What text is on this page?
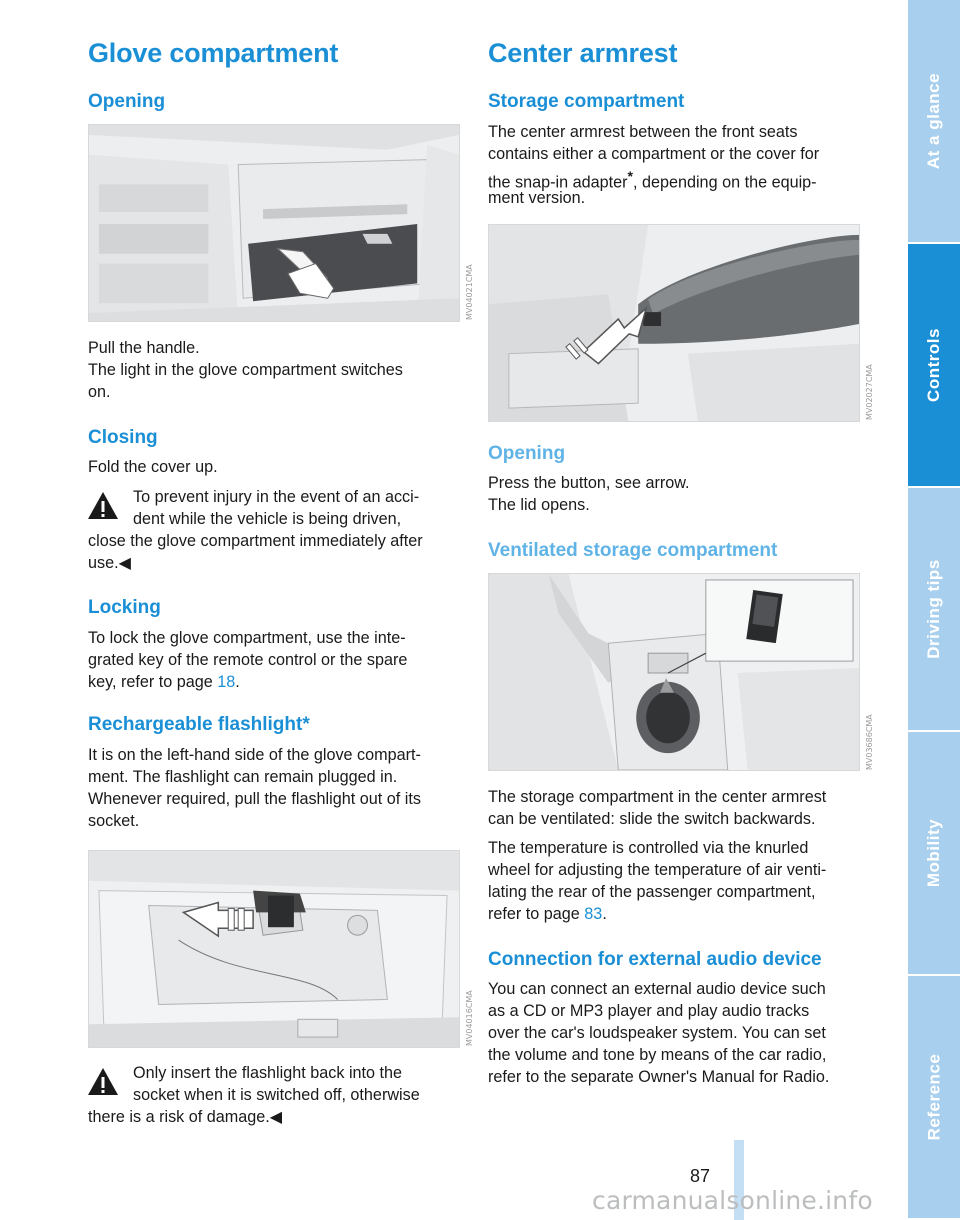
Glove compartment
Opening
MV04021CMA

Pull the handle.

The light in the glove compartment switches

on.

Closing

Fold the cover up.

To prevent injury in the event of an acci-

dent while the vehicle is being driven,

close the glove compartment immediately after

use.◀

Locking

To lock the glove compartment, use the inte-

grated key of the remote control or the spare

key, refer to page 18.

Rechargeable flashlight*

It is on the left-hand side of the glove compart-

ment. The flashlight can remain plugged in.

Whenever required, pull the flashlight out of its

socket.

MV04016CMA

Only insert the flashlight back into the

socket when it is switched off, otherwise

there is a risk of damage.◀

Center armrest
Storage compartment

The center armrest between the front seats

contains either a compartment or the cover for

the snap-in adapter*, depending on the equip-

ment version.

MV02027CMA
Opening

Press the button, see arrow.

The lid opens.

Ventilated storage compartment
MV03686CMA

The storage compartment in the center armrest

can be ventilated: slide the switch backwards.

The temperature is controlled via the knurled

wheel for adjusting the temperature of air venti-

lating the rear of the passenger compartment,

refer to page 83.

Connection for external audio device

You can connect an external audio device such

as a CD or MP3 player and play audio tracks

over the car's loudspeaker system. You can set

the volume and tone by means of the car radio,

refer to the separate Owner's Manual for Radio.

At a glance
Controls
Driving tips
Mobility
Reference
87
carmanualsonline.info
